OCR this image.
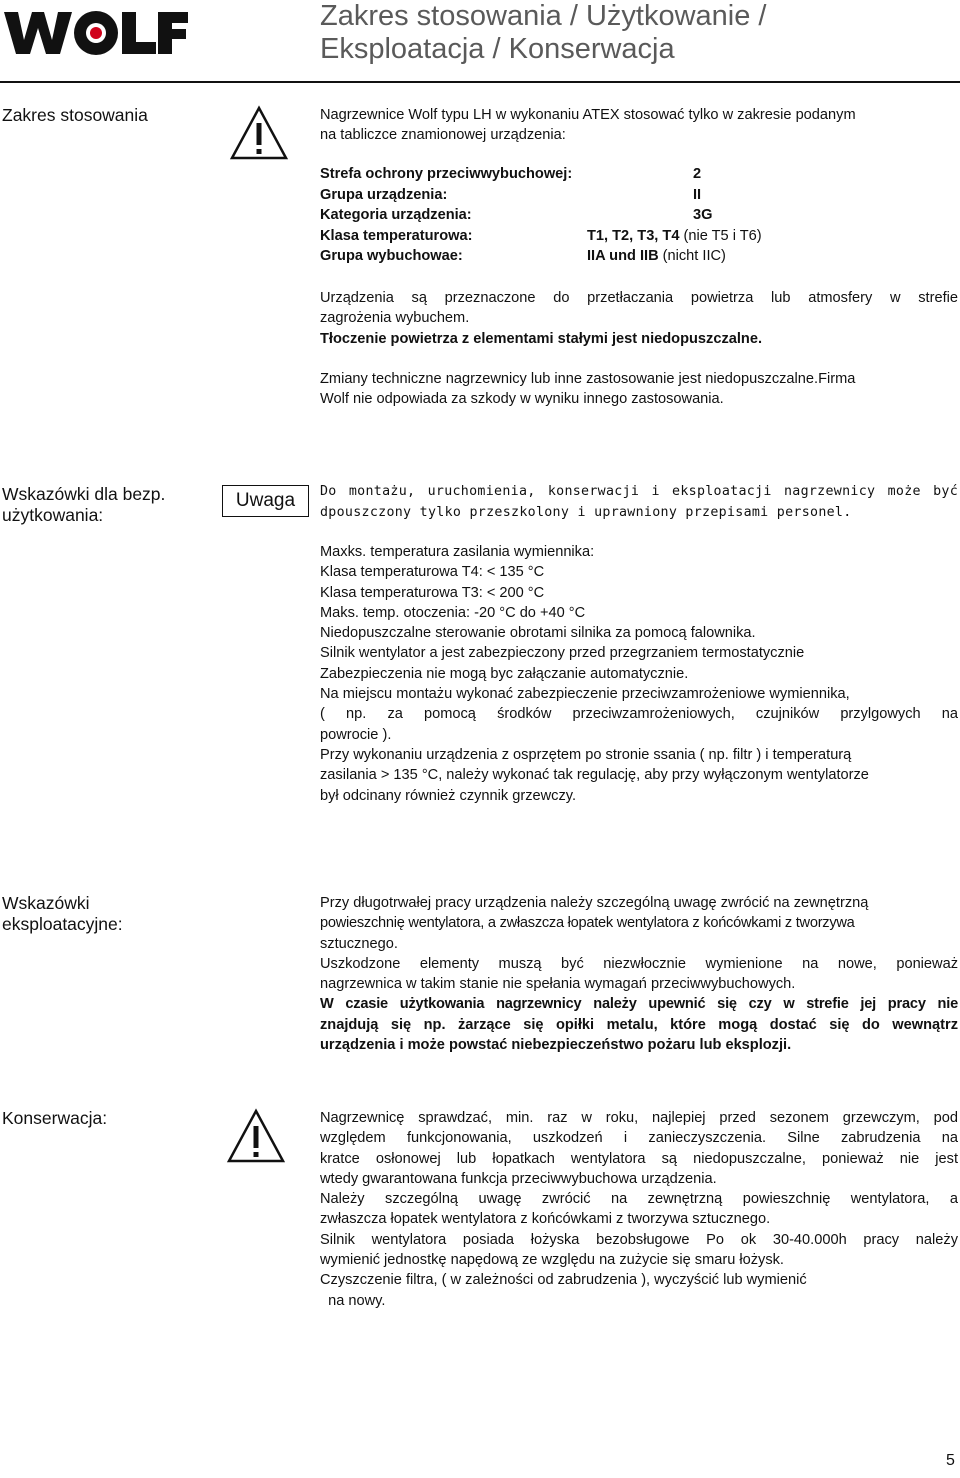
Zakres stosowania / Użytkowanie /
Eksploatacja / Konserwacja
Zakres stosowania	Nagrzewnice Wolf typu LH w wykonaniu ATEX stosować tylko w zakresie podanym
na tabliczce znamionowej urządzenia:
Strefa ochrony przeciwwybuchowej:	2
Grupa urządzenia:	II
Kategoria urządzenia:	3G
Klasa temperaturowa:	T1, T2, T3, T4 (nie T5 i T6)
Grupa wybuchowae:	IIA und IIB (nicht IIC)
Urządzenia są przeznaczone do przetłaczania powietrza lub atmosfery w strefie
zagrożenia wybuchem.
Tłoczenie powietrza z elementami stałymi jest niedopuszczalne.
Zmiany techniczne nagrzewnicy lub inne zastosowanie jest niedopuszczalne.Firma
Wolf nie odpowiada za szkody w wyniku innego zastosowania.
Wskazówki dla bezp.
użytkowania:
Uwaga	Do montażu, uruchomienia, konserwacji i eksploatacji nagrzewnicy może być
dpouszczony tylko przeszkolony i uprawniony przepisami personel.
Maxks. temperatura zasilania wymiennika:
Klasa temperaturowa T4: < 135 °C
Klasa temperaturowa T3: < 200 °C
Maks. temp. otoczenia: -20 °C do +40 °C
Niedopuszczalne sterowanie obrotami silnika za pomocą falownika.
Silnik wentylator a jest zabezpieczony przed przegrzaniem termostatycznie
Zabezpieczenia nie mogą byc załączanie automatycznie.
Na miejscu montażu wykonać zabezpieczenie przeciwzamrożeniowe wymiennika,
( np. za pomocą środków przeciwzamrożeniowych, czujników przylgowych na
powrocie ).
Przy wykonaniu urządzenia z osprzętem po stronie ssania ( np. filtr ) i temperaturą
zasilania > 135 °C, należy wykonać tak regulację, aby przy wyłączonym wentylatorze
był odcinany również czynnik grzewczy.
Wskazówki
eksploatacyjne:
Przy długotrwałej pracy urządzenia należy szczególną uwagę zwrócić na zewnętrzną
powieszchnię wentylatora, a zwłaszcza łopatek wentylatora z końcówkami z tworzywa
sztucznego.
Uszkodzone elementy muszą być niezwłocznie wymienione na nowe, ponieważ
nagrzewnica w takim stanie nie spełania wymagań przeciwwybuchowych.
W czasie użytkowania nagrzewnicy należy upewnić się czy w strefie jej pracy nie
znajdują się np. żarzące się opiłki metalu, które mogą dostać się do wewnątrz
urządzenia i może powstać niebezpieczeństwo pożaru lub eksplozji.
Konserwacja:	Nagrzewnicę sprawdzać, min. raz w roku, najlepiej przed sezonem grzewczym, pod
względem funkcjonowania, uszkodzeń i zanieczyszczenia. Silne zabrudzenia na
kratce osłonowej lub łopatkach wentylatora są niedopuszczalne, ponieważ nie jest
wtedy gwarantowana funkcja przeciwwybuchowa urządzenia.
Należy szczególną uwagę zwrócić na zewnętrzną powieszchnię wentylatora, a
zwłaszcza łopatek wentylatora z końcówkami z tworzywa sztucznego.
Silnik wentylatora posiada łożyska bezobsługowe Po ok 30-40.000h pracy należy
wymienić jednostkę napędową ze względu na zużycie się smaru łożysk.
Czyszczenie filtra, ( w zależności od zabrudzenia ), wyczyścić lub wymienić
na nowy.
5
